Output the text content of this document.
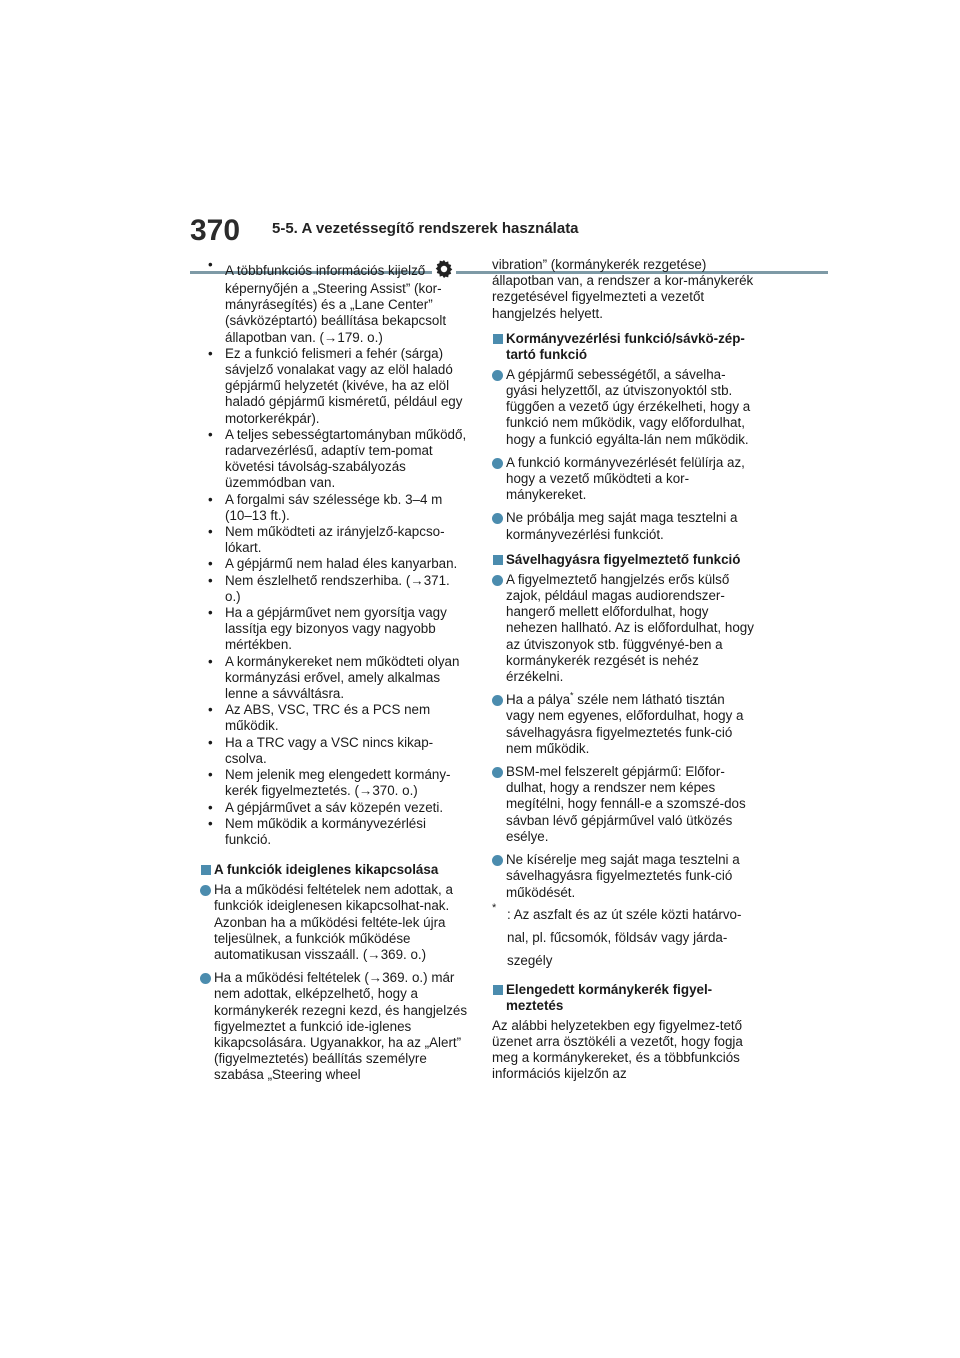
370 5-5. A vezetéssegítő rendszerek használata
• A többfunkciós információs kijelző  képernyőjén a „Steering Assist” (kor-mányrásegítés) és a „Lane Center” (sávközéptartó) beállítása bekapcsolt állapotban van. (→179. o.)
• Ez a funkció felismeri a fehér (sárga) sávjelző vonalakat vagy az elöl haladó gépjármű helyzetét (kivéve, ha az elöl haladó gépjármű kisméretű, például egy motorkerékpár).
• A teljes sebességtartományban működő, radarvezérlésű, adaptív tem-pomat követési távolság-szabályozás üzemmódban van.
• A forgalmi sáv szélessége kb. 3–4 m (10–13 ft.).
• Nem működteti az irányjelző-kapcso-lókart.
• A gépjármű nem halad éles kanyarban.
• Nem észlelhető rendszerhiba. (→371. o.)
• Ha a gépjárművet nem gyorsítja vagy lassítja egy bizonyos vagy nagyobb mértékben.
• A kormánykereket nem működteti olyan kormányzási erővel, amely alkalmas lenne a sávváltásra.
• Az ABS, VSC, TRC és a PCS nem működik.
• Ha a TRC vagy a VSC nincs kikap-csolva.
• Nem jelenik meg elengedett kormány-kerék figyelmeztetés. (→370. o.)
• A gépjárművet a sáv közepén vezeti.
• Nem működik a kormányvezérlési funkció.
A funkciók ideiglenes kikapcsolása
Ha a működési feltételek nem adottak, a funkciók ideiglenesen kikapcsolhat-nak. Azonban ha a működési feltéte-lek újra teljesülnek, a funkciók működése automatikusan visszaáll. (→369. o.)
Ha a működési feltételek (→369. o.) már nem adottak, elképzelhető, hogy a kormánykerék rezegni kezd, és hangjelzés figyelmeztet a funkció ide-iglenes kikapcsolására. Ugyanakkor, ha az „Alert” (figyelmeztetés) beállítás személyre szabása „Steering wheel

vibration” (kormánykerék rezgetése) állapotban van, a rendszer a kor-mánykerék rezgetésével figyelmezteti a vezetőt hangjelzés helyett.

Kormányvezérlési funkció/sávkö-zép-tartó funkció
A gépjármű sebességétől, a sávelha-gyási helyzettől, az útviszonyoktól stb. függően a vezető úgy érzékelheti, hogy a funkció nem működik, vagy előfordulhat, hogy a funkció egyálta-lán nem működik.
A funkció kormányvezérlését felülírja az, hogy a vezető működteti a kor-mánykereket.
Ne próbálja meg saját maga tesztelni a kormányvezérlési funkciót.
Sávelhagyásra figyelmeztető funkció
A figyelmeztető hangjelzés erős külső zajok, például magas audiorendszer-hangerő mellett előfordulhat, hogy nehezen hallható. Az is előfordulhat, hogy az útviszonyok stb. függvényé-ben a kormánykerék rezgését is nehéz érzékelni.
Ha a pálya* széle nem látható tisztán vagy nem egyenes, előfordulhat, hogy a sávelhagyásra figyelmeztetés funk-ció nem működik.
BSM-mel felszerelt gépjármű: Előfor-dulhat, hogy a rendszer nem képes megítélni, hogy fennáll-e a szomszé-dos sávban lévő gépjárművel való ütközés esélye.
Ne kísérelje meg saját maga tesztelni a sávelhagyásra figyelmeztetés funk-ció működését.
* : Az aszfalt és az út széle közti határvo-nal, pl. fűcsomók, földsáv vagy járda-szegély
Elengedett kormánykerék figyel-meztetés

Az alábbi helyzetekben egy figyelmez-tető üzenet arra ösztökéli a vezetőt, hogy fogja meg a kormánykereket, és a többfunkciós információs kijelzőn az
